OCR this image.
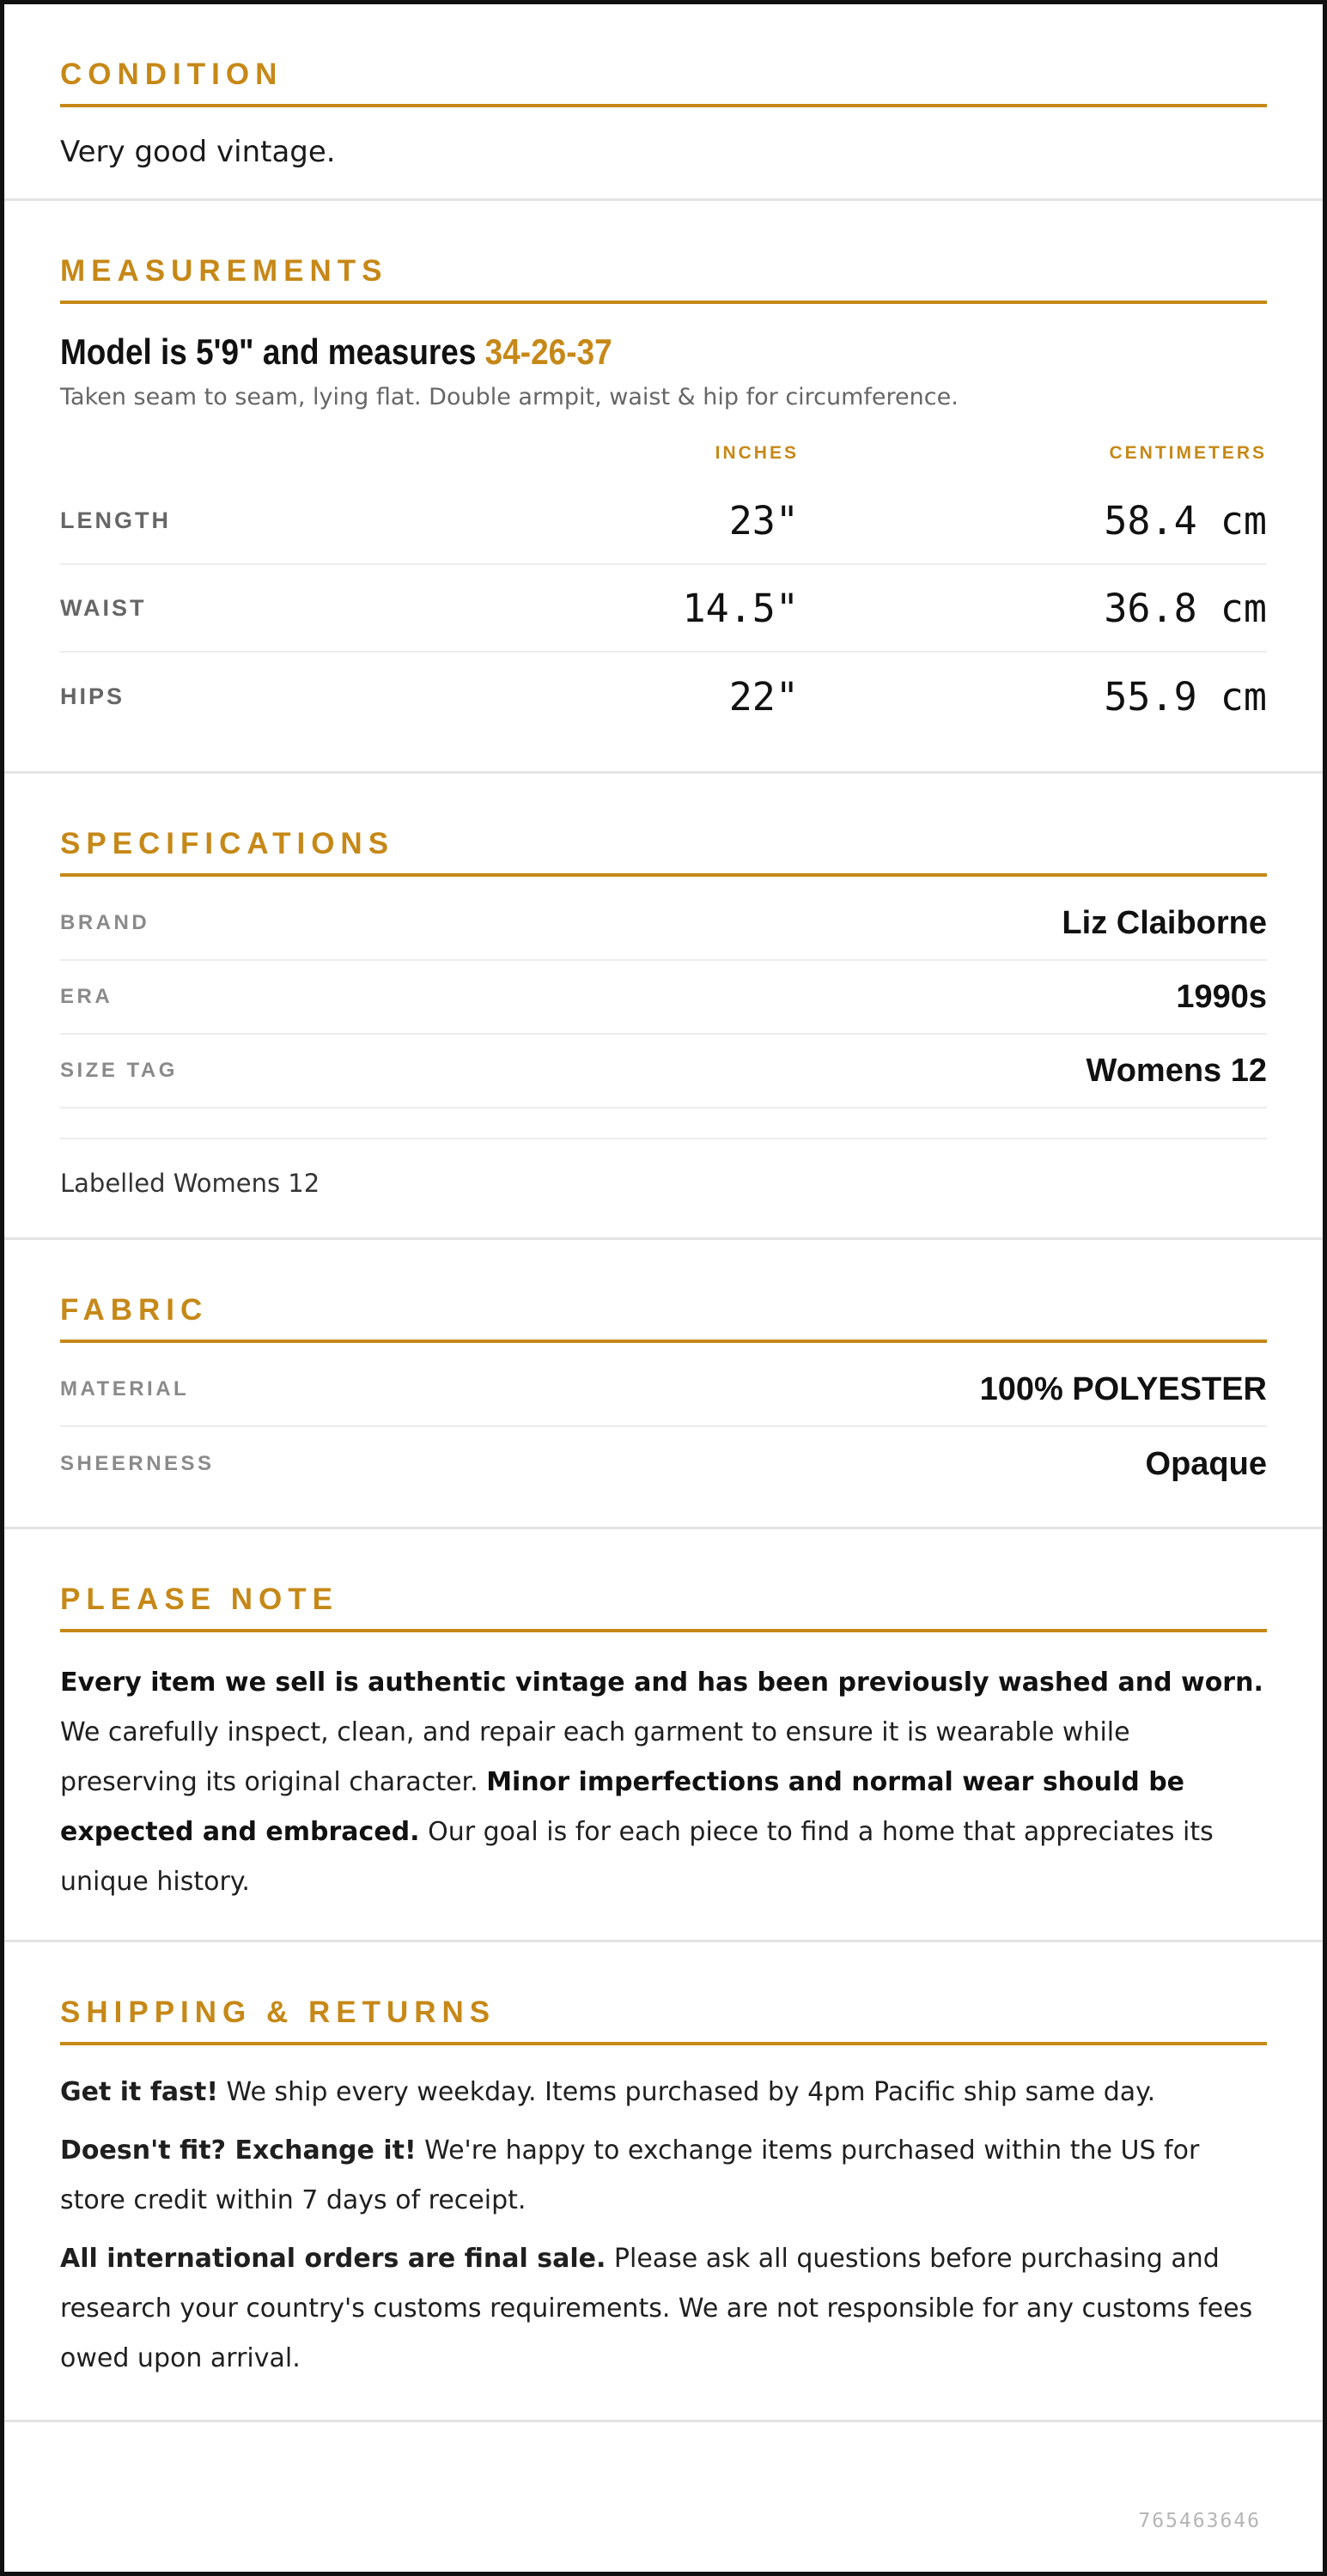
CONDITION

Very good vintage.

MEASUREMENTS
Model is 5'9" and measures 34-26-37

Taken seam to seam, lying flat. Double armpit, waist & hip for circumference.

INCHES	CENTIMETERS
LENGTH	23"	58.4 cm
WAIST	14.5"	36.8 cm
HIPS	22"	55.9 cm
SPECIFICATIONS
BRAND	Liz Claiborne
ERA	1990s
SIZE TAG	Womens 12

Labelled Womens 12

FABRIC
MATERIAL	100% POLYESTER
SHEERNESS	Opaque
PLEASE NOTE

Every item we sell is authentic vintage and has been previously washed and worn. We carefully inspect, clean, and repair each garment to ensure it is wearable while preserving its original character. Minor imperfections and normal wear should be expected and embraced. Our goal is for each piece to find a home that appreciates its unique history.

SHIPPING & RETURNS

Get it fast! We ship every weekday. Items purchased by 4pm Pacific ship same day.

Doesn't fit? Exchange it! We're happy to exchange items purchased within the US for store credit within 7 days of receipt.

All international orders are final sale. Please ask all questions before purchasing and research your country's customs requirements. We are not responsible for any customs fees owed upon arrival.

765463646
